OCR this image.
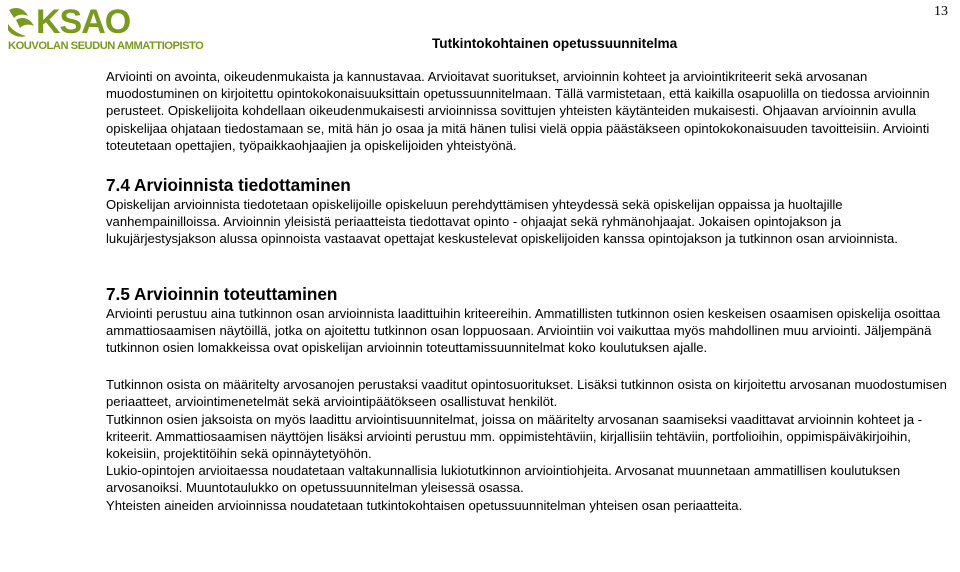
13
KSAO
KOUVOLAN SEUDUN AMMATTIOPISTO	Tutkintokohtainen opetussuunnitelma

Arviointi on avointa, oikeudenmukaista ja kannustavaa. Arvioitavat suoritukset, arvioinnin kohteet ja arviointikriteerit sekä arvosanan muodostuminen on kirjoitettu opintokokonaisuuksittain opetussuunnitelmaan. Tällä varmistetaan, että kaikilla osapuolilla on tiedossa arvioinnin perusteet. Opiskelijoita kohdellaan oikeudenmukaisesti arvioinnissa sovittujen yhteisten käytänteiden mukaisesti. Ohjaavan arvioinnin avulla opiskelijaa ohjataan tiedostamaan se, mitä hän jo osaa ja mitä hänen tulisi vielä oppia päästäkseen opintokokonaisuuden tavoitteisiin. Arviointi toteutetaan opettajien, työpaikkaohjaajien ja opiskelijoiden yhteistyönä.

7.4 Arvioinnista tiedottaminen

Opiskelijan arvioinnista tiedotetaan opiskelijoille opiskeluun perehdyttämisen yhteydessä sekä opiskelijan oppaissa ja huoltajille vanhempainilloissa. Arvioinnin yleisistä periaatteista tiedottavat opinto - ohjaajat sekä ryhmänohjaajat. Jokaisen opintojakson ja lukujärjestysjakson alussa opinnoista vastaavat opettajat keskustelevat opiskelijoiden kanssa opintojakson ja tutkinnon osan arvioinnista.

7.5 Arvioinnin toteuttaminen

Arviointi perustuu aina tutkinnon osan arvioinnista laadittuihin kriteereihin. Ammatillisten tutkinnon osien keskeisen osaamisen opiskelija osoittaa ammattiosaamisen näytöillä, jotka on ajoitettu tutkinnon osan loppuosaan. Arviointiin voi vaikuttaa myös mahdollinen muu arviointi. Jäljempänä tutkinnon osien lomakkeissa ovat opiskelijan arvioinnin toteuttamissuunnitelmat koko koulutuksen ajalle.

Tutkinnon osista on määritelty arvosanojen perustaksi vaaditut opintosuoritukset. Lisäksi tutkinnon osista on kirjoitettu arvosanan muodostumisen periaatteet, arviointimenetelmät sekä arviointipäätökseen osallistuvat henkilöt.

Tutkinnon osien jaksoista on myös laadittu arviointisuunnitelmat, joissa on määritelty arvosanan saamiseksi vaadittavat arvioinnin kohteet ja -kriteerit. Ammattiosaamisen näyttöjen lisäksi arviointi perustuu mm. oppimistehtäviin, kirjallisiin tehtäviin, portfolioihin, oppimispäiväkirjoihin, kokeisiin, projektitöihin sekä opinnäytetyöhön.

Lukio-opintojen arvioitaessa noudatetaan valtakunnallisia lukiotutkinnon arviointiohjeita. Arvosanat muunnetaan ammatillisen koulutuksen arvosanoiksi. Muuntotaulukko on opetussuunnitelman yleisessä osassa.

Yhteisten aineiden arvioinnissa noudatetaan tutkintokohtaisen opetussuunnitelman yhteisen osan periaatteita.
